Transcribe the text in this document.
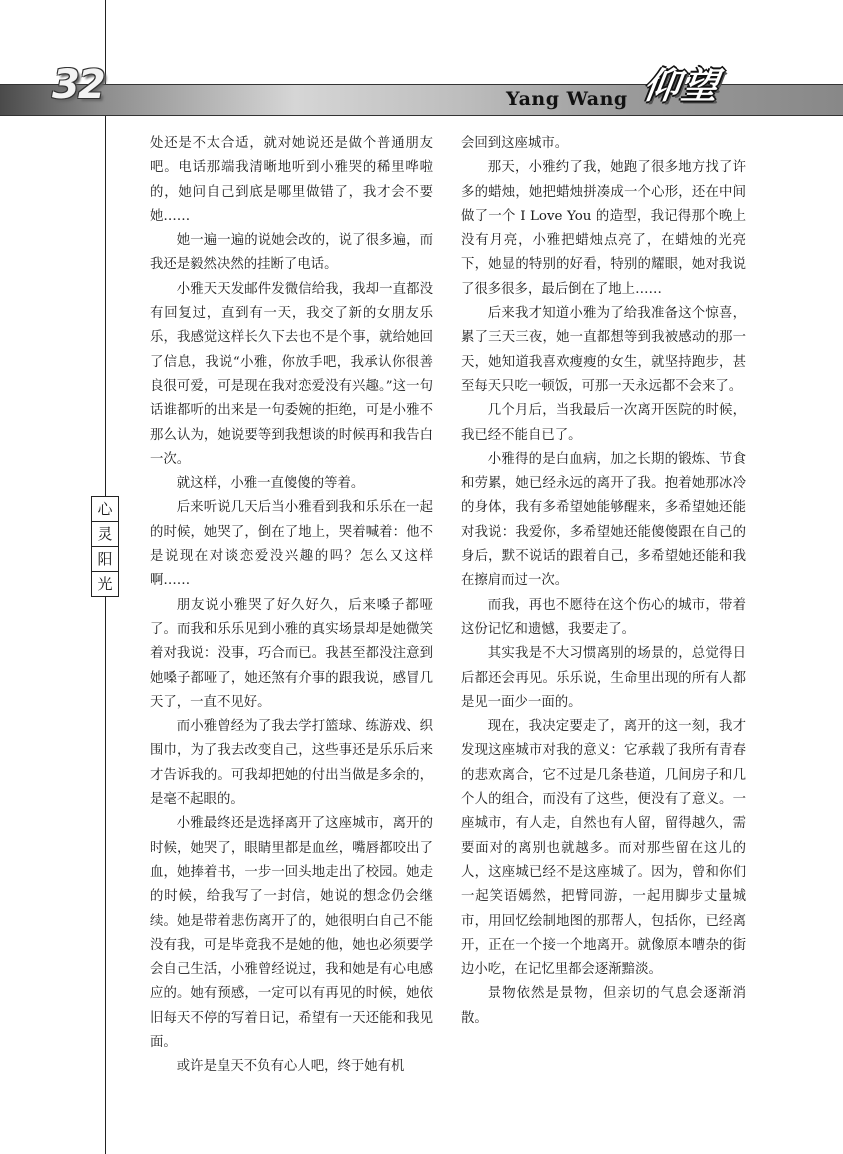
32	Yang Wang 仰望
心
灵
阳
光

处还是不太合适，就对她说还是做个普通朋友吧。电话那端我清晰地听到小雅哭的稀里哗啦的，她问自己到底是哪里做错了，我才会不要她……

她一遍一遍的说她会改的，说了很多遍，而我还是毅然决然的挂断了电话。

小雅天天发邮件发微信给我，我却一直都没有回复过，直到有一天，我交了新的女朋友乐乐，我感觉这样长久下去也不是个事，就给她回了信息，我说“小雅，你放手吧，我承认你很善良很可爱，可是现在我对恋爱没有兴趣。”这一句话谁都听的出来是一句委婉的拒绝，可是小雅不那么认为，她说要等到我想谈的时候再和我告白一次。

就这样，小雅一直傻傻的等着。

后来听说几天后当小雅看到我和乐乐在一起的时候，她哭了，倒在了地上，哭着喊着：他不是说现在对谈恋爱没兴趣的吗？怎么又这样啊……

朋友说小雅哭了好久好久，后来嗓子都哑了。而我和乐乐见到小雅的真实场景却是她微笑着对我说：没事，巧合而已。我甚至都没注意到她嗓子都哑了，她还煞有介事的跟我说，感冒几天了，一直不见好。

而小雅曾经为了我去学打篮球、练游戏、织围巾，为了我去改变自己，这些事还是乐乐后来才告诉我的。可我却把她的付出当做是多余的，是毫不起眼的。

小雅最终还是选择离开了这座城市，离开的时候，她哭了，眼睛里都是血丝，嘴唇都咬出了血，她捧着书，一步一回头地走出了校园。她走的时候，给我写了一封信，她说的想念仍会继续。她是带着悲伤离开了的，她很明白自己不能没有我，可是毕竟我不是她的他，她也必须要学会自己生活，小雅曾经说过，我和她是有心电感应的。她有预感，一定可以有再见的时候，她依旧每天不停的写着日记，希望有一天还能和我见面。

或许是皇天不负有心人吧，终于她有机

会回到这座城市。

那天，小雅约了我，她跑了很多地方找了许多的蜡烛，她把蜡烛拼凑成一个心形，还在中间做了一个 I Love You 的造型，我记得那个晚上没有月亮，小雅把蜡烛点亮了，在蜡烛的光亮下，她显的特别的好看，特别的耀眼，她对我说了很多很多，最后倒在了地上……

后来我才知道小雅为了给我准备这个惊喜，累了三天三夜，她一直都想等到我被感动的那一天，她知道我喜欢瘦瘦的女生，就坚持跑步，甚至每天只吃一顿饭，可那一天永远都不会来了。

几个月后，当我最后一次离开医院的时候，我已经不能自已了。

小雅得的是白血病，加之长期的锻炼、节食和劳累，她已经永远的离开了我。抱着她那冰冷的身体，我有多希望她能够醒来，多希望她还能对我说：我爱你，多希望她还能傻傻跟在自己的身后，默不说话的跟着自己，多希望她还能和我在擦肩而过一次。

而我，再也不愿待在这个伤心的城市，带着这份记忆和遗憾，我要走了。

其实我是不大习惯离别的场景的，总觉得日后都还会再见。乐乐说，生命里出现的所有人都是见一面少一面的。

现在，我决定要走了，离开的这一刻，我才发现这座城市对我的意义：它承载了我所有青春的悲欢离合，它不过是几条巷道，几间房子和几个人的组合，而没有了这些，便没有了意义。一座城市，有人走，自然也有人留，留得越久，需要面对的离别也就越多。而对那些留在这儿的人，这座城已经不是这座城了。因为，曾和你们一起笑语嫣然，把臂同游，一起用脚步丈量城市，用回忆绘制地图的那帮人，包括你，已经离开，正在一个接一个地离开。就像原本嘈杂的街边小吃，在记忆里都会逐渐黯淡。

景物依然是景物，但亲切的气息会逐渐消散。
